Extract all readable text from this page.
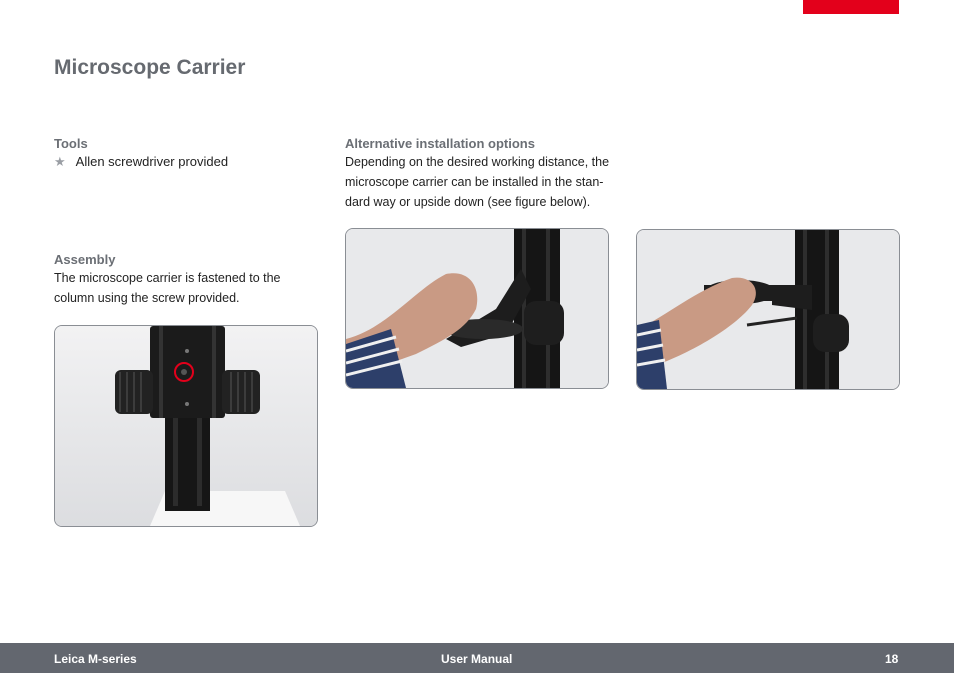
Microscope Carrier
Tools
★ Allen screwdriver provided
Assembly
The microscope carrier is fastened to the column using the screw provided.
Alternative installation options
Depending on the desired working distance, the
microscope carrier can be installed in the stan-
dard way or upside down (see figure below).
Leica M-series	User Manual	18
